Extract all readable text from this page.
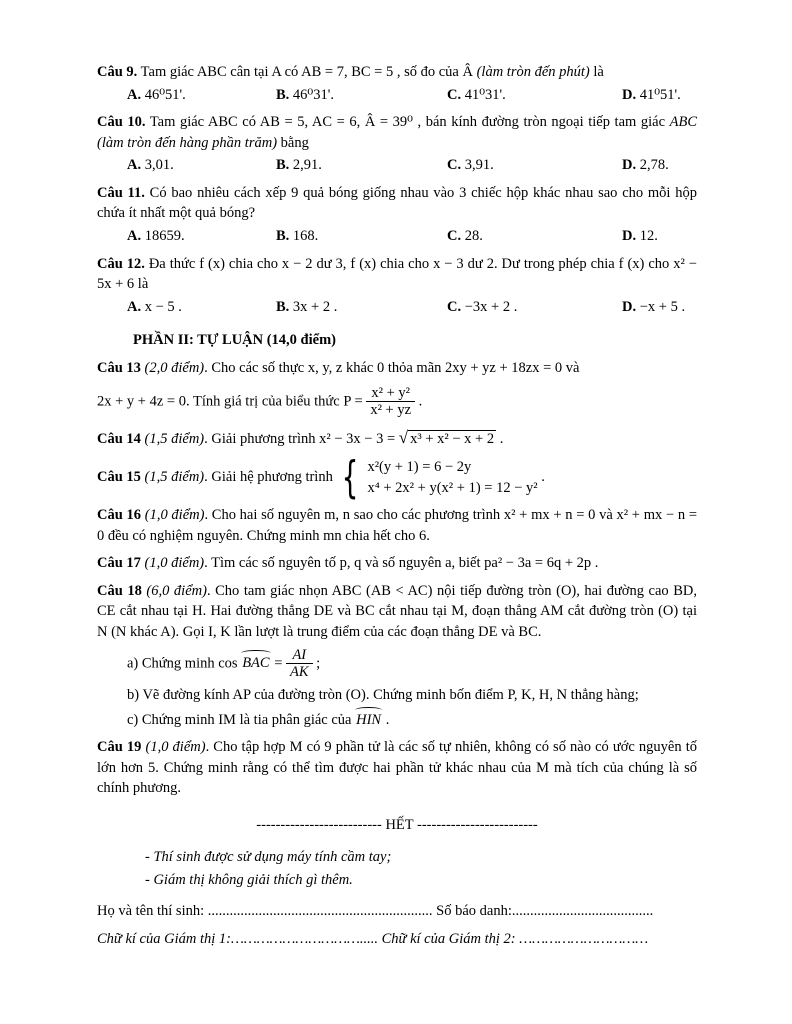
Câu 9. Tam giác ABC cân tại A có AB = 7, BC = 5 , số đo của Â (làm tròn đến phút) là
A. 46⁰51'.	B. 46⁰31'.	C. 41⁰31'.	D. 41⁰51'.
Câu 10. Tam giác ABC có AB = 5, AC = 6, Â = 39⁰ , bán kính đường tròn ngoại tiếp tam giác ABC (làm tròn đến hàng phần trăm) bằng
A. 3,01.	B. 2,91.	C. 3,91.	D. 2,78.
Câu 11. Có bao nhiêu cách xếp 9 quả bóng giống nhau vào 3 chiếc hộp khác nhau sao cho mỗi hộp chứa ít nhất một quả bóng?
A. 18659.	B. 168.	C. 28.	D. 12.
Câu 12. Đa thức f (x) chia cho x − 2 dư 3, f (x) chia cho x − 3 dư 2. Dư trong phép chia f (x) cho x² − 5x + 6 là
A. x − 5 .	B. 3x + 2 .	C. −3x + 2 .	D. −x + 5 .
PHẦN II: TỰ LUẬN (14,0 điểm)
Câu 13 (2,0 điểm). Cho các số thực x, y, z khác 0 thỏa mãn 2xy + yz + 18zx = 0 và
2x + y + 4z = 0. Tính giá trị của biểu thức $P = \frac{\text{x² + y²}}{\text{x² + yz}}$ .
Câu 14 (1,5 điểm). Giải phương trình x² − 3x − 3 = √ x³ + x² − x + 2 .
Câu 15 (1,5 điểm). Giải hệ phương trình { x²(y + 1) = 6 − 2y
x⁴ + 2x² + y(x² + 1) = 12 − y²
.
Câu 16 (1,0 điểm). Cho hai số nguyên m, n sao cho các phương trình x² + mx + n = 0 và x² + mx − n = 0 đều có nghiệm nguyên. Chứng minh mn chia hết cho 6.
Câu 17 (1,0 điểm). Tìm các số nguyên tố p, q và số nguyên a, biết pa² − 3a = 6q + 2p .
Câu 18 (6,0 điểm). Cho tam giác nhọn ABC (AB < AC) nội tiếp đường tròn (O), hai đường cao BD, CE cắt nhau tại H. Hai đường thẳng DE và BC cắt nhau tại M, đoạn thẳng AM cắt đường tròn (O) tại N (N khác A). Gọi I, K lần lượt là trung điểm của các đoạn thẳng DE và BC.
a) Chứng minh cos BAC = $\frac{AI}{AK}$ ;
b) Vẽ đường kính AP của đường tròn (O). Chứng minh bốn điểm P, K, H, N thẳng hàng;
c) Chứng minh IM là tia phân giác của HIN .
Câu 19 (1,0 điểm). Cho tập hợp M có 9 phần tử là các số tự nhiên, không có số nào có ước nguyên tố lớn hơn 5. Chứng minh rằng có thể tìm được hai phần tử khác nhau của M mà tích của chúng là số chính phương.
-------------------------- HẾT -------------------------
- Thí sinh được sử dụng máy tính cầm tay;
- Giám thị không giải thích gì thêm.
Họ và tên thí sinh: .............................................................. Số báo danh:.......................................
Chữ kí của Giám thị 1:…………………………..... Chữ kí của Giám thị 2: …………………………
